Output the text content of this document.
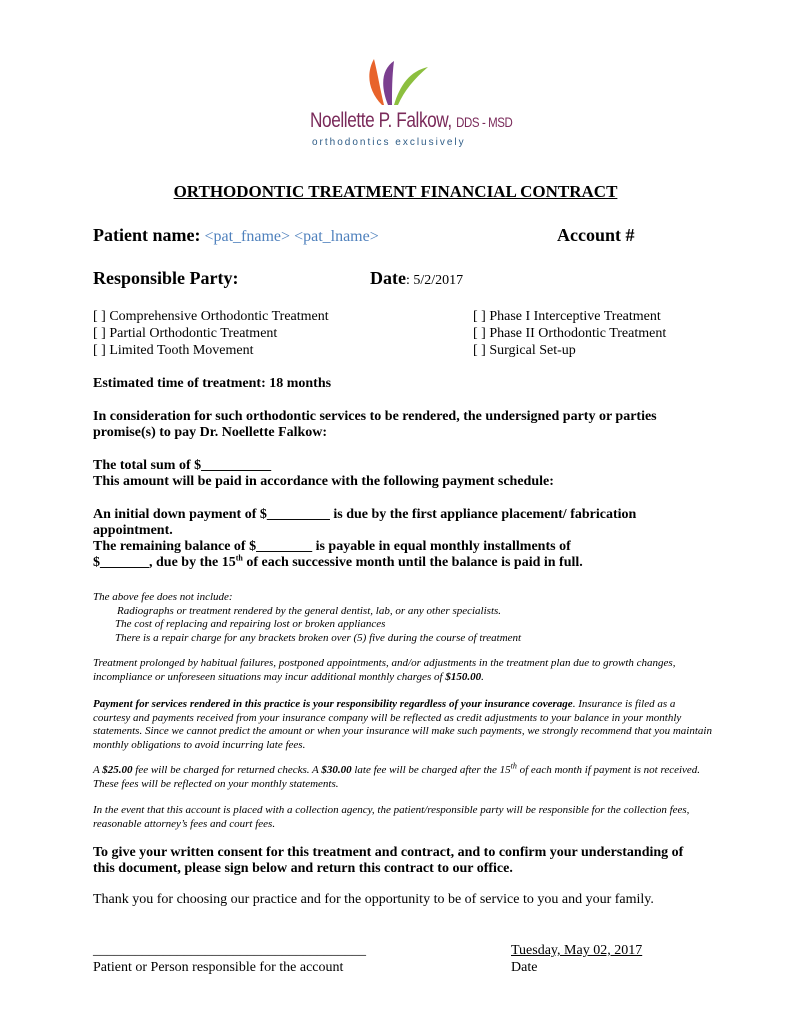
Noellette P. Falkow, DDS - MSD
orthodontics exclusively
ORTHODONTIC TREATMENT FINANCIAL CONTRACT
Patient name: <pat_fname> <pat_lname>	Account #
Responsible Party:	Date: 5/2/2017
[ ] Comprehensive Orthodontic Treatment
[ ] Partial Orthodontic Treatment
[ ] Limited Tooth Movement
[ ] Phase I Interceptive Treatment
[ ] Phase II Orthodontic Treatment
[ ] Surgical Set-up
Estimated time of treatment: 18 months
In consideration for such orthodontic services to be rendered, the undersigned party or parties promise(s) to pay Dr. Noellette Falkow:
The total sum of $__________
This amount will be paid in accordance with the following payment schedule:
An initial down payment of $_________ is due by the first appliance placement/ fabrication appointment.
The remaining balance of $________ is payable in equal monthly installments of
$_______, due by the 15th of each successive month until the balance is paid in full.
The above fee does not include:
Radiographs or treatment rendered by the general dentist, lab, or any other specialists.
The cost of replacing and repairing lost or broken appliances
There is a repair charge for any brackets broken over (5) five during the course of treatment
Treatment prolonged by habitual failures, postponed appointments, and/or adjustments in the treatment plan due to growth changes, incompliance or unforeseen situations may incur additional monthly charges of $150.00.
Payment for services rendered in this practice is your responsibility regardless of your insurance coverage. Insurance is filed as a courtesy and payments received from your insurance company will be reflected as credit adjustments to your balance in your monthly statements. Since we cannot predict the amount or when your insurance will make such payments, we strongly recommend that you maintain monthly obligations to avoid incurring late fees.
A $25.00 fee will be charged for returned checks. A $30.00 late fee will be charged after the 15th of each month if payment is not received. These fees will be reflected on your monthly statements.
In the event that this account is placed with a collection agency, the patient/responsible party will be responsible for the collection fees, reasonable attorney’s fees and court fees.
To give your written consent for this treatment and contract, and to confirm your understanding of this document, please sign below and return this contract to our office.
Thank you for choosing our practice and for the opportunity to be of service to you and your family.
_______________________________________
Patient or Person responsible for the account
Tuesday, May 02, 2017
Date
